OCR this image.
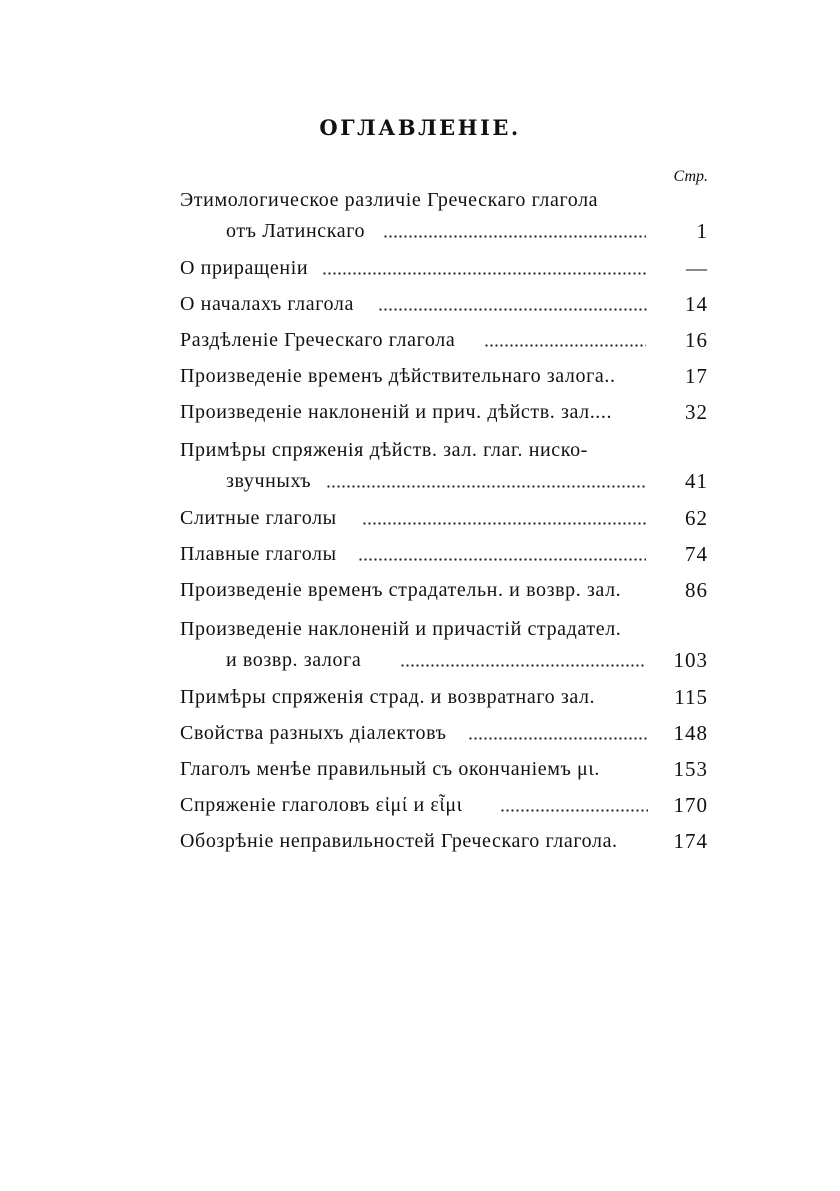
ОГЛАВЛЕНІЕ.
Стр.
Этимологическое различіе Греческаго глагола
отъ Латинскаго	1
О приращеніи	—
О началахъ глагола	14
Раздѣленіе Греческаго глагола	16
Произведеніе временъ дѣйствительнаго залога..	17
Произведеніе наклоненій и прич. дѣйств. зал....	32
Примѣры спряженія дѣйств. зал. глаг. ниско-
звучныхъ	41
Слитные глаголы	62
Плавные глаголы	74
Произведеніе временъ страдательн. и возвр. зал.	86
Произведеніе наклоненій и причастій страдател.
и возвр. залога	103
Примѣры спряженія страд. и возвратнаго зал.	115
Свойства разныхъ діалектовъ	148
Глаголъ менѣе правильный съ окончаніемъ μι.	153
Спряженіе глаголовъ εἰμί и εἶμι	170
Обозрѣніе неправильностей Греческаго глагола.	174
